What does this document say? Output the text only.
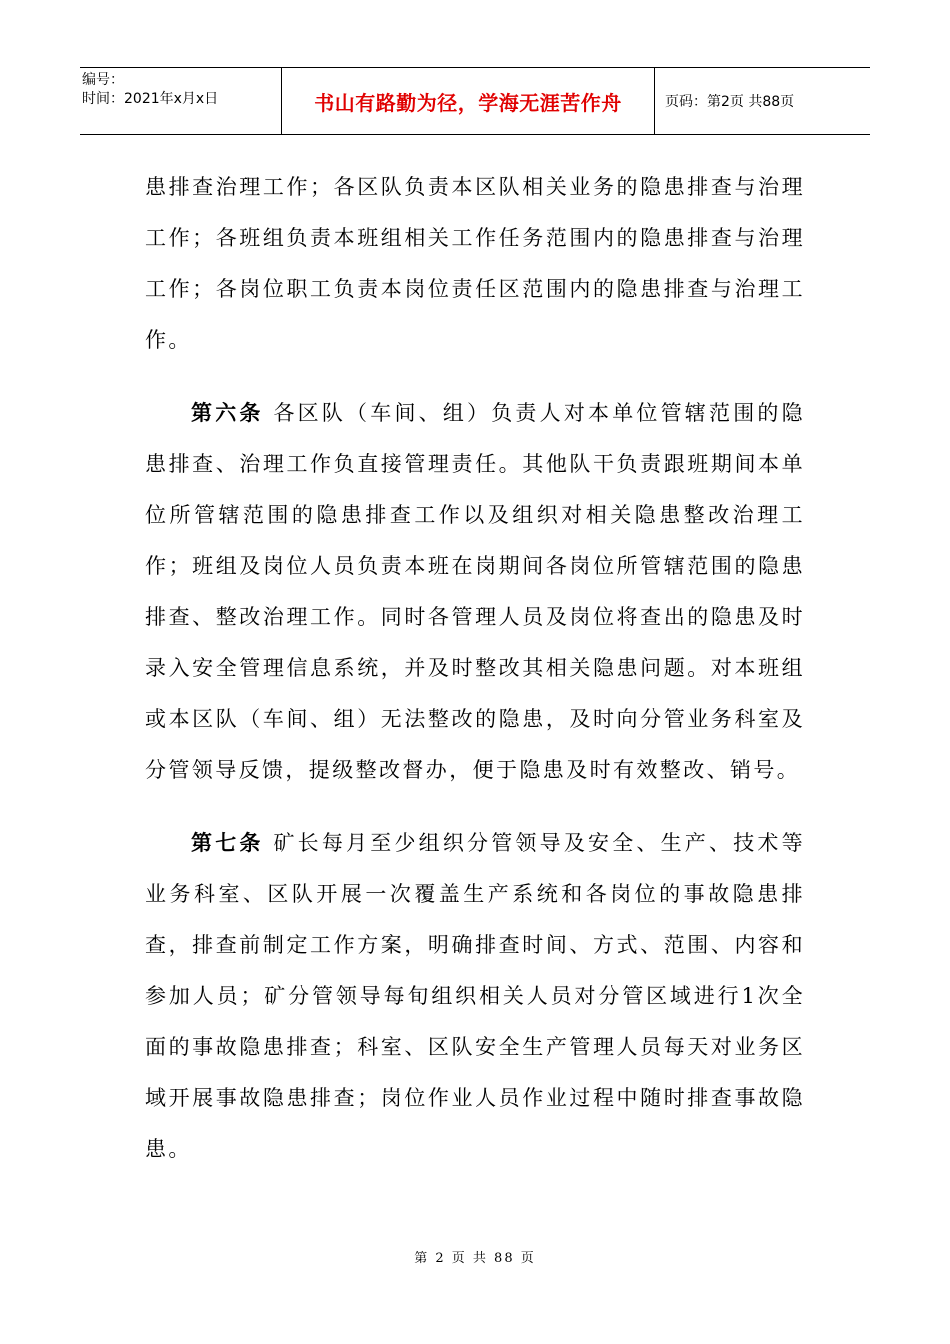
编号：
时间：2021年x月x日	书山有路勤为径，学海无涯苦作舟	页码：第2页 共88页

患排查治理工作；各区队负责本区队相关业务的隐患排查与治理工作；各班组负责本班组相关工作任务范围内的隐患排查与治理工作；各岗位职工负责本岗位责任区范围内的隐患排查与治理工作。

第六条 各区队（车间、组）负责人对本单位管辖范围的隐患排查、治理工作负直接管理责任。其他队干负责跟班期间本单位所管辖范围的隐患排查工作以及组织对相关隐患整改治理工作；班组及岗位人员负责本班在岗期间各岗位所管辖范围的隐患排查、整改治理工作。同时各管理人员及岗位将查出的隐患及时录入安全管理信息系统，并及时整改其相关隐患问题。对本班组或本区队（车间、组）无法整改的隐患，及时向分管业务科室及分管领导反馈，提级整改督办，便于隐患及时有效整改、销号。

第七条 矿长每月至少组织分管领导及安全、生产、技术等业务科室、区队开展一次覆盖生产系统和各岗位的事故隐患排查，排查前制定工作方案，明确排查时间、方式、范围、内容和参加人员；矿分管领导每旬组织相关人员对分管区域进行1次全面的事故隐患排查；科室、区队安全生产管理人员每天对业务区域开展事故隐患排查；岗位作业人员作业过程中随时排查事故隐患。

第 2 页 共 88 页
